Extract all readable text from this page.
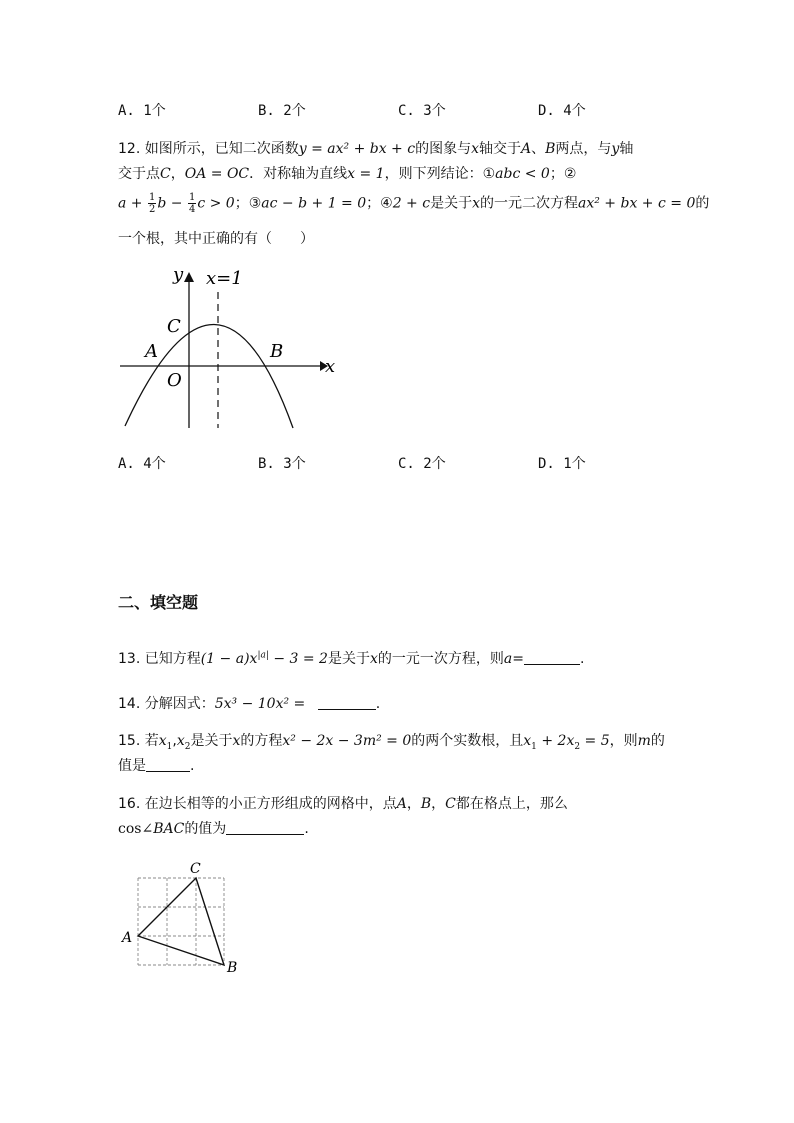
A. 1个	B. 2个	C. 3个	D. 4个
12. 如图所示，已知二次函数y = ax² + bx + c的图象与x轴交于A、B两点，与y轴
交于点C，OA = OC．对称轴为直线x = 1，则下列结论：①abc < 0；②
$a + \frac{1}{2}$ $b - \frac{1}{4}$ c > 0；③ac − b + 1 = 0；④2 + c是关于x的一元二次方程ax² + bx + c = 0的
一个根，其中正确的有（　　）
y x=1
x
C
A	B
O
A. 4个	B. 3个	C. 2个	D. 1个
二、填空题
13. 已知方程$(1 - a)x^{|a|} - 3 = 2$是关于x的一元一次方程，则a=	.
14. 分解因式：5x³ − 10x² =	.
15. 若$x_1,x_2$是关于x的方程x² − 2x − 3m² = 0的两个实数根，且$x_1 + 2x_2 = 5$，则m的
值是	.
16. 在边长相等的小正方形组成的网格中，点A，B，C都在格点上，那么
cos∠BAC的值为	.
A
B
C
